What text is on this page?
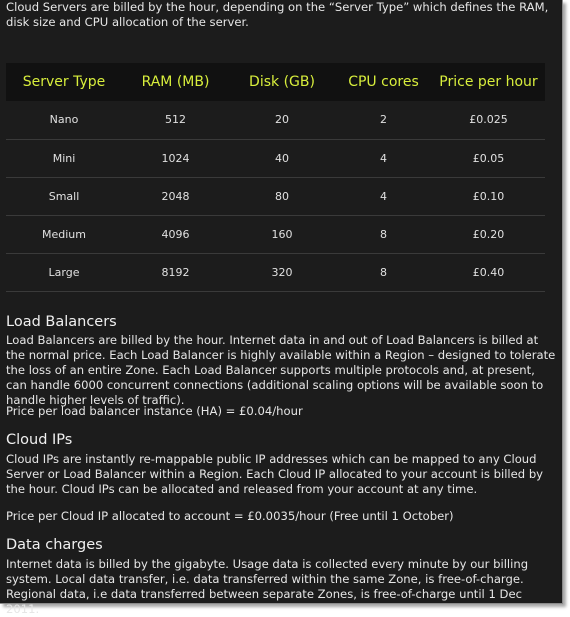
Cloud Servers are billed by the hour, depending on the “Server Type” which defines the RAM, disk size and CPU allocation of the server.

Server Type	RAM (MB)	Disk (GB)	CPU cores	Price per hour
Nano	512	20	2	£0.025
Mini	1024	40	4	£0.05
Small	2048	80	4	£0.10
Medium	4096	160	8	£0.20
Large	8192	320	8	£0.40
Load Balancers

Load Balancers are billed by the hour. Internet data in and out of Load Balancers is billed at the normal price. Each Load Balancer is highly available within a Region – designed to tolerate the loss of an entire Zone. Each Load Balancer supports multiple protocols and, at present, can handle 6000 concurrent connections (additional scaling options will be available soon to handle higher levels of traffic).

Price per load balancer instance (HA) = £0.04/hour

Cloud IPs

Cloud IPs are instantly re-mappable public IP addresses which can be mapped to any Cloud Server or Load Balancer within a Region. Each Cloud IP allocated to your account is billed by the hour. Cloud IPs can be allocated and released from your account at any time.

Price per Cloud IP allocated to account = £0.0035/hour (Free until 1 October)

Data charges

Internet data is billed by the gigabyte. Usage data is collected every minute by our billing system. Local data transfer, i.e. data transferred within the same Zone, is free-of-charge. Regional data, i.e data transferred between separate Zones, is free-of-charge until 1 Dec 2011.
